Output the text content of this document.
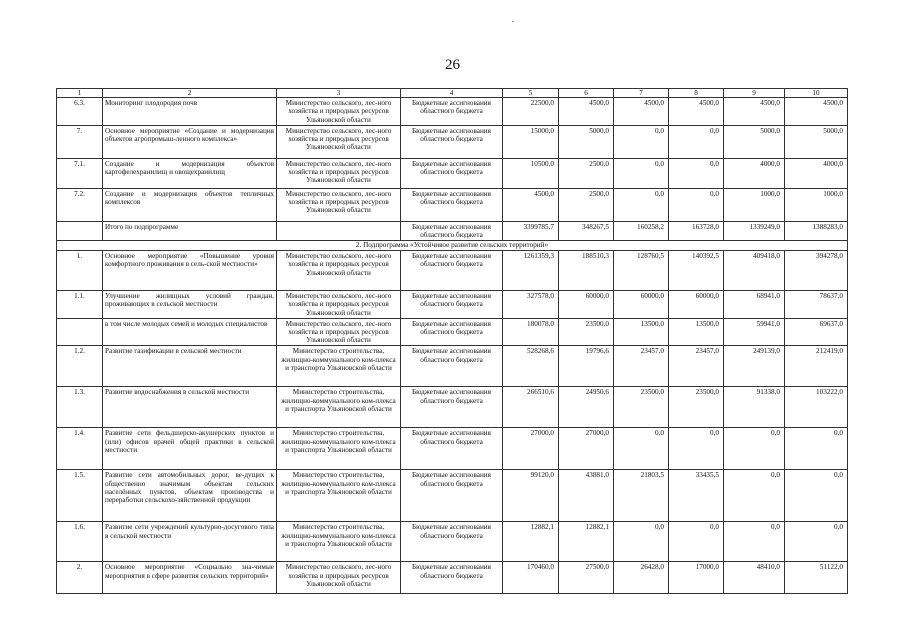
26
1	2	3	4	5	6	7	8	9	10
6.3.	Мониторинг плодородия почв	Министерство сельского, лес-ного хозяйства и природных ресурсов Ульяновской области	Бюджетные ассигнования областного бюджета	22500,0	4500,0	4500,0	4500,0	4500,0	4500,0
7.	Основное мероприятие «Создание и модернизация объектов агропромыш-ленного комплекса»	Министерство сельского, лес-ного хозяйства и природных ресурсов Ульяновской области	Бюджетные ассигнования областного бюджета	15000,0	5000,0	0,0	0,0	5000,0	5000,0
7.1.	Создание и модернизация объектов картофелехранилищ и овощехранилищ	Министерство сельского, лес-ного хозяйства и природных ресурсов Ульяновской области	Бюджетные ассигнования областного бюджета	10500,0	2500,0	0,0	0,0	4000,0	4000,0
7.2.	Создание и модернизация объектов тепличных комплексов	Министерство сельского, лес-ного хозяйства и природных ресурсов Ульяновской области	Бюджетные ассигнования областного бюджета	4500,0	2500,0	0,0	0,0	1000,0	1000,0
	Итого по подпрограмме		Бюджетные ассигнования областного бюджета	3399785,7	348267,5	160258,2	163728,0	1339249,0	1388283,0
2. Подпрограмма «Устойчивое развитие сельских территорий»									
1.	Основное мероприятие «Повышение уровня комфортного проживания в сель-ской местности»	Министерство сельского, лес-ного хозяйства и природных ресурсов Ульяновской области	Бюджетные ассигнования областного бюджета	1261359,3	188510,3	128760,5	140392,5	409418,0	394278,0
1.1.	Улучшение жилищных условий граждан, проживающих в сельской местности	Министерство сельского, лес-ного хозяйства и природных ресурсов Ульяновской области	Бюджетные ассигнования областного бюджета	327578,0	60000,0	60000,0	60000,0	68941,0	78637,0
	в том числе молодых семей и молодых специалистов	Министерство сельского, лес-ного хозяйства и природных ресурсов Ульяновской области	Бюджетные ассигнования областного бюджета	180078,0	23500,0	13500,0	13500,0	59941,0	69637,0
1.2.	Развитие газификации в сельской местности	Министерство строительства, жилищно-коммунального ком-плекса и транспорта Ульяновской области	Бюджетные ассигнования областного бюджета	528268,6	19796,6	23457,0	23457,0	249139,0	212419,0
1.3.	Развитие водоснабжения в сельской местности	Министерство строительства, жилищно-коммунального ком-плекса и транспорта Ульяновской области	Бюджетные ассигнования областного бюджета	266510,6	24950,6	23500,0	23500,0	91338,0	103222,0
1.4.	Развитие сети фельдшерско-акушерских пунктов и (или) офисов врачей общей практики в сельской местности	Министерство строительства, жилищно-коммунального ком-плекса и транспорта Ульяновской области	Бюджетные ассигнования областного бюджета	27000,0	27000,0	0,0	0,0	0,0	0,0
1.5.	Развитие сети автомобильных дорог, ве-дущих к общественно значимым объектам сельских населённых пунктов, объектам производства и переработки сельскохо-зяйственной продукции	Министерство строительства, жилищно-коммунального ком-плекса и транспорта Ульяновской области	Бюджетные ассигнования областного бюджета	99120,0	43881,0	21803,5	33435,5	0,0	0,0
1.6.	Развитие сети учреждений культурно-досугового типа в сельской местности	Министерство строительства, жилищно-коммунального ком-плекса и транспорта Ульяновской области	Бюджетные ассигнования областного бюджета	12882,1	12882,1	0,0	0,0	0,0	0,0
2.	Основное мероприятие «Социально зна-чимые мероприятия в сфере развития сельских территорий»	Министерство сельского, лес-ного хозяйства и природных ресурсов Ульяновской области	Бюджетные ассигнования областного бюджета	170460,0	27500,0	26428,0	17000,0	48410,0	51122,0
